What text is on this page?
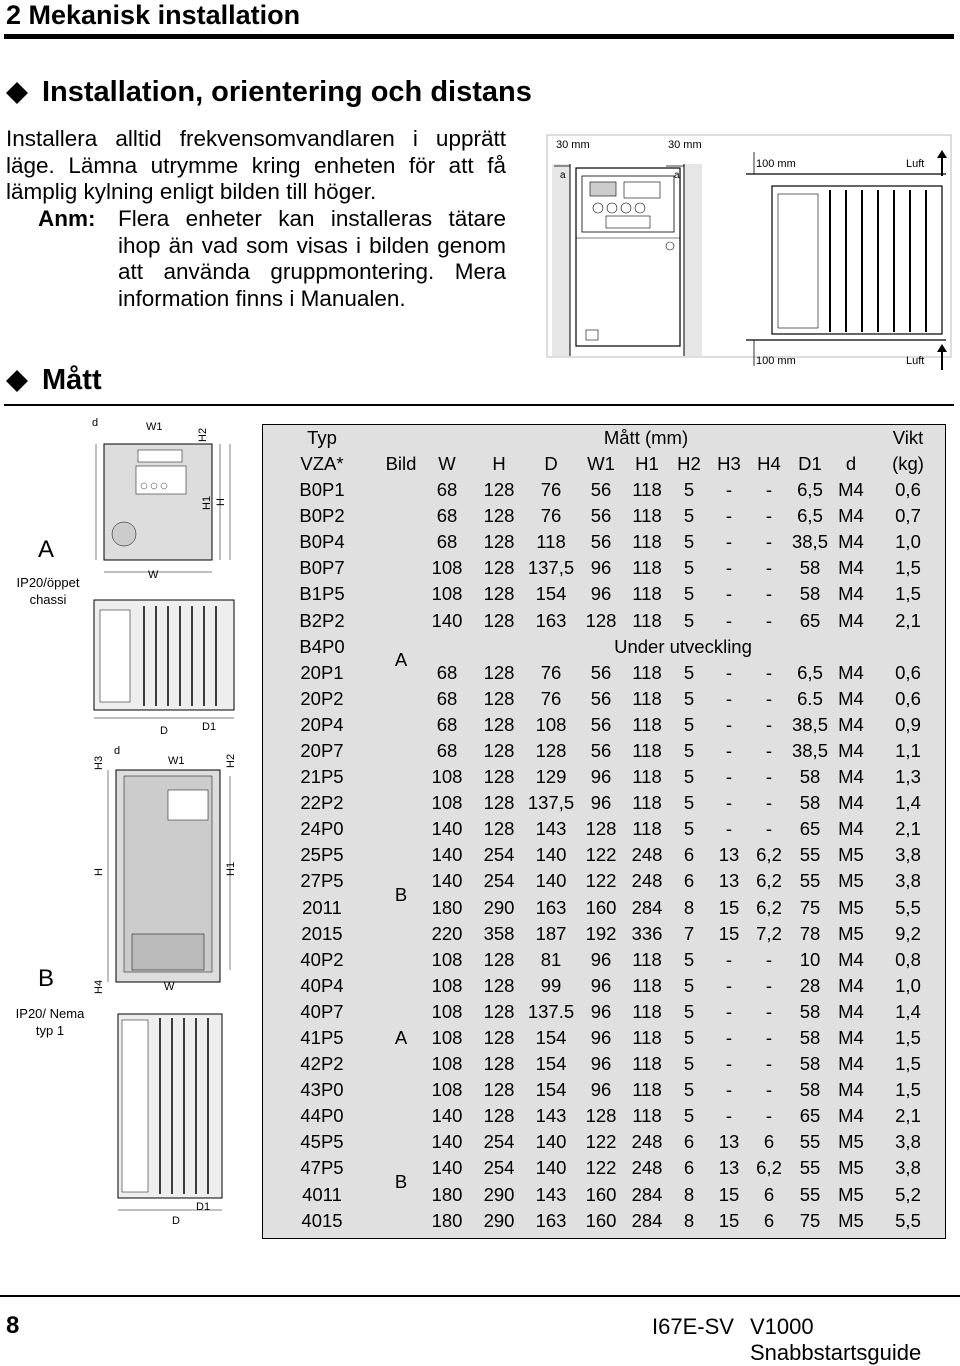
2 Mekanisk installation
Installation, orientering och distans
Installera alltid frekvensomvandlaren i upprätt läge. Lämna utrymme kring enheten för att få lämplig kylning enligt bilden till höger.
Anm: Flera enheter kan installeras tätare ihop än vad som visas i bilden genom att använda gruppmontering. Mera information finns i Manualen.
30 mm	30 mm
a	a
100 mm
100 mm
Luft
Luft
Mått
A
IP20/öppet chassi
B
IP20/ Nema typ 1
d	W1
H2
H1 H
W
D	D1
d
W1	H2
H3
H	H1
H4	W
D1
D
Typ		Mått (mm)										Vikt
VZA*	Bild	W	H	D	W1	H1	H2	H3	H4	D1	d	(kg)
B0P1	A	68	128	76	56	118	5	-	-	6,5	M4	0,6
B0P2		68	128	76	56	118	5	-	-	6,5	M4	0,7
B0P4		68	128	118	56	118	5	-	-	38,5	M4	1,0
B0P7		108	128	137,5	96	118	5	-	-	58	M4	1,5
B1P5		108	128	154	96	118	5	-	-	58	M4	1,5
B2P2		140	128	163	128	118	5	-	-	65	M4	2,1
B4P0		Under utveckling										
20P1		68	128	76	56	118	5	-	-	6,5	M4	0,6
20P2		68	128	76	56	118	5	-	-	6.5	M4	0,6
20P4		68	128	108	56	118	5	-	-	38,5	M4	0,9
20P7		68	128	128	56	118	5	-	-	38,5	M4	1,1
21P5		108	128	129	96	118	5	-	-	58	M4	1,3
22P2		108	128	137,5	96	118	5	-	-	58	M4	1,4
24P0		140	128	143	128	118	5	-	-	65	M4	2,1
25P5	B	140	254	140	122	248	6	13	6,2	55	M5	3,8
27P5		140	254	140	122	248	6	13	6,2	55	M5	3,8
2011		180	290	163	160	284	8	15	6,2	75	M5	5,5
2015		220	358	187	192	336	7	15	7,2	78	M5	9,2
40P2	A	108	128	81	96	118	5	-	-	10	M4	0,8
40P4		108	128	99	96	118	5	-	-	28	M4	1,0
40P7		108	128	137.5	96	118	5	-	-	58	M4	1,4
41P5		108	128	154	96	118	5	-	-	58	M4	1,5
42P2		108	128	154	96	118	5	-	-	58	M4	1,5
43P0		108	128	154	96	118	5	-	-	58	M4	1,5
44P0		140	128	143	128	118	5	-	-	65	M4	2,1
45P5	B	140	254	140	122	248	6	13	6	55	M5	3,8
47P5		140	254	140	122	248	6	13	6,2	55	M5	3,8
4011		180	290	143	160	284	8	15	6	55	M5	5,2
4015		180	290	163	160	284	8	15	6	75	M5	5,5
8	I67E-SV V1000 Snabbstartsguide
